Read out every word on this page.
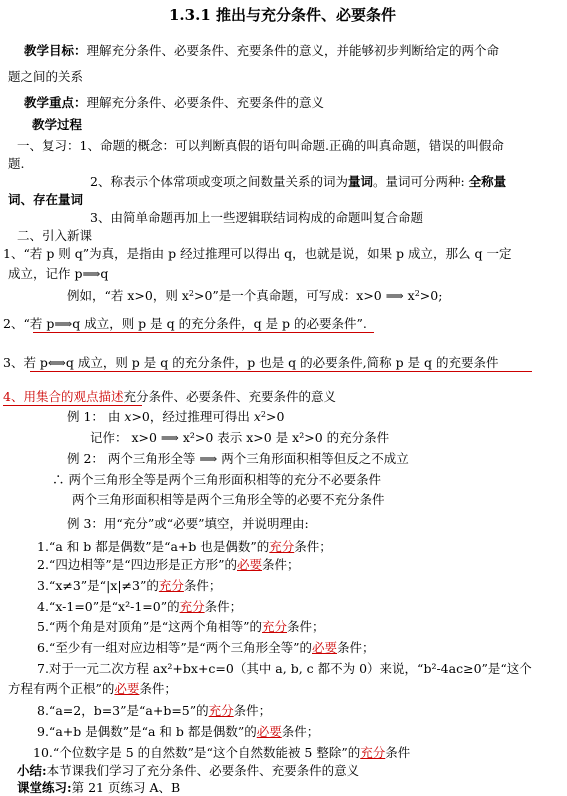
1.3.1 推出与充分条件、必要条件
教学目标：理解充分条件、必要条件、充要条件的意义，并能够初步判断给定的两个命
题之间的关系
教学重点：理解充分条件、必要条件、充要条件的意义
教学过程
一、复习：1、命题的概念：可以判断真假的语句叫命题.正确的叫真命题，错误的叫假命
题.
2、称表示个体常项或变项之间数量关系的词为量词。量词可分两种: 全称量
词、存在量词
3、由简单命题再加上一些逻辑联结词构成的命题叫复合命题
二、引入新课
1、“若 p 则 q”为真，是指由 p 经过推理可以得出 q，也就是说，如果 p 成立，那么 q 一定
成立，记作 p⟹q
例如，“若 x>0，则 $x^2>0$”是一个真命题，可写成：x>0 ⟹ $x^2>0$;
2、“若 p⟹q 成立，则 p 是 q 的充分条件，q 是 p 的必要条件”.
3、若 p⟺q 成立，则 p 是 q 的充分条件，p 也是 q 的必要条件,简称 p 是 q 的充要条件
4、用集合的观点描述充分条件、必要条件、充要条件的意义
例 1： 由 x>0，经过推理可得出 $x^2>0$
记作： x>0 ⟹ x²>0 表示 x>0 是 x²>0 的充分条件
例 2： 两个三角形全等 ⟹ 两个三角形面积相等但反之不成立
∴ 两个三角形全等是两个三角形面积相等的充分不必要条件
两个三角形面积相等是两个三角形全等的必要不充分条件
例 3：用“充分”或“必要”填空，并说明理由:
1.“a 和 b 都是偶数”是“a+b 也是偶数”的充分条件；
2.“四边相等”是“四边形是正方形”的必要条件；
3.“x≠3”是“|x|≠3”的充分条件；
4.“x-1=0”是“x²-1=0”的充分条件；
5.“两个角是对顶角”是“这两个角相等”的充分条件；
6.“至少有一组对应边相等”是“两个三角形全等”的必要条件；
7.对于一元二次方程 ax²+bx+c=0（其中 a, b, c 都不为 0）来说，“b²-4ac≥0”是“这个
方程有两个正根”的必要条件；
8.“a=2，b=3”是“a+b=5”的充分条件；
9.“a+b 是偶数”是“a 和 b 都是偶数”的必要条件；
10.“个位数字是 5 的自然数”是“这个自然数能被 5 整除”的充分条件
小结:本节课我们学习了充分条件、必要条件、充要条件的意义
课堂练习:第 21 页练习 A、B
